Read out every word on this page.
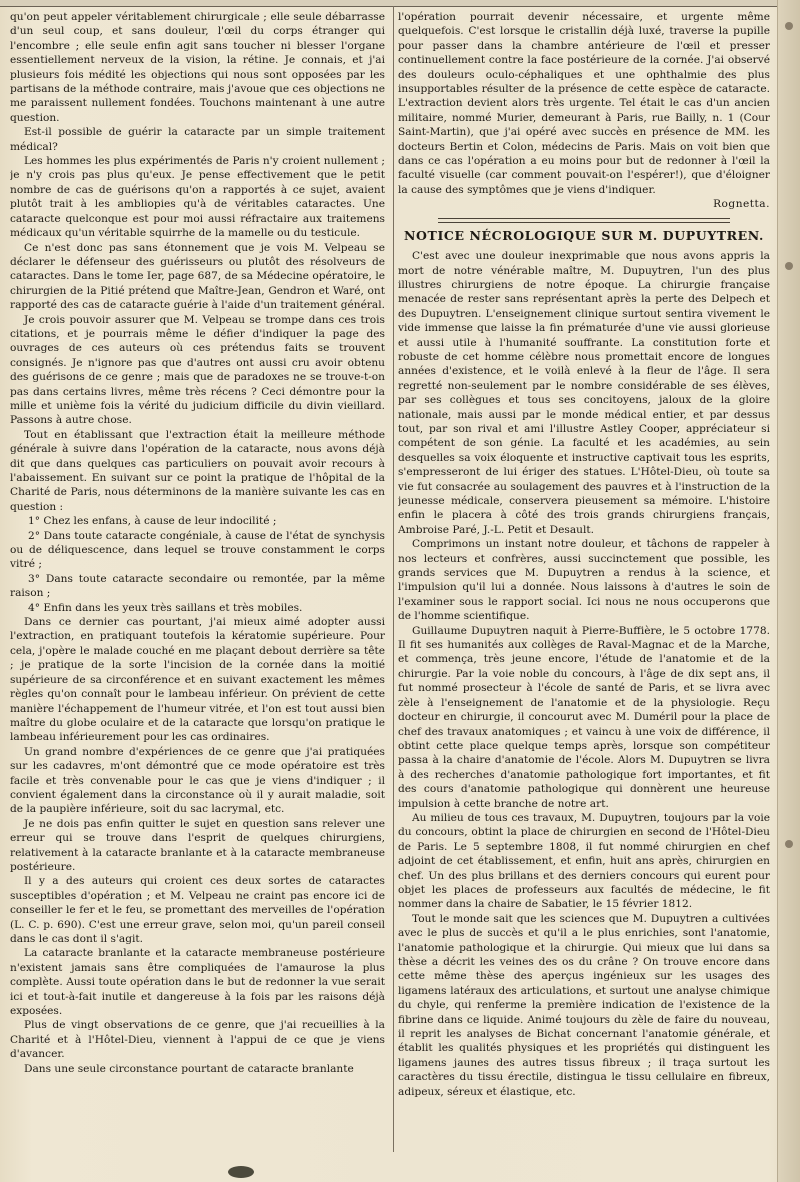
qu'on peut appeler véritablement chirurgicale ; elle seule débarrasse d'un seul coup, et sans douleur, l'œil du corps étranger qui l'encombre ; elle seule enfin agit sans toucher ni blesser l'organe essentiellement nerveux de la vision, la rétine. Je connais, et j'ai plusieurs fois médité les objections qui nous sont opposées par les partisans de la méthode contraire, mais j'avoue que ces objections ne me paraissent nullement fondées. Touchons maintenant à une autre question.

Est-il possible de guérir la cataracte par un simple traitement médical?

Les hommes les plus expérimentés de Paris n'y croient nullement ; je n'y crois pas plus qu'eux. Je pense effectivement que le petit nombre de cas de guérisons qu'on a rapportés à ce sujet, avaient plutôt trait à les ambliopies qu'à de véritables cataractes. Une cataracte quelconque est pour moi aussi réfractaire aux traitemens médicaux qu'un véritable squirrhe de la mamelle ou du testicule.

Ce n'est donc pas sans étonnement que je vois M. Velpeau se déclarer le défenseur des guérisseurs ou plutôt des résolveurs de cataractes. Dans le tome Ier, page 687, de sa Médecine opératoire, le chirurgien de la Pitié prétend que Maître-Jean, Gendron et Waré, ont rapporté des cas de cataracte guérie à l'aide d'un traitement général.

Je crois pouvoir assurer que M. Velpeau se trompe dans ces trois citations, et je pourrais même le défier d'indiquer la page des ouvrages de ces auteurs où ces prétendus faits se trouvent consignés. Je n'ignore pas que d'autres ont aussi cru avoir obtenu des guérisons de ce genre ; mais que de paradoxes ne se trouve-t-on pas dans certains livres, même très récens ? Ceci démontre pour la mille et unième fois la vérité du judicium difficile du divin vieillard. Passons à autre chose.

Tout en établissant que l'extraction était la meilleure méthode générale à suivre dans l'opération de la cataracte, nous avons déjà dit que dans quelques cas particuliers on pouvait avoir recours à l'abaissement. En suivant sur ce point la pratique de l'hôpital de la Charité de Paris, nous déterminons de la manière suivante les cas en question :

1° Chez les enfans, à cause de leur indocilité ;

2° Dans toute cataracte congéniale, à cause de l'état de synchysis ou de déliquescence, dans lequel se trouve constamment le corps vitré ;

3° Dans toute cataracte secondaire ou remontée, par la même raison ;

4° Enfin dans les yeux très saillans et très mobiles.

Dans ce dernier cas pourtant, j'ai mieux aimé adopter aussi l'extraction, en pratiquant toutefois la kératomie supérieure. Pour cela, j'opère le malade couché en me plaçant debout derrière sa tête ; je pratique de la sorte l'incision de la cornée dans la moitié supérieure de sa circonférence et en suivant exactement les mêmes règles qu'on connaît pour le lambeau inférieur. On prévient de cette manière l'échappement de l'humeur vitrée, et l'on est tout aussi bien maître du globe oculaire et de la cataracte que lorsqu'on pratique le lambeau inférieurement pour les cas ordinaires.

Un grand nombre d'expériences de ce genre que j'ai pratiquées sur les cadavres, m'ont démontré que ce mode opératoire est très facile et très convenable pour le cas que je viens d'indiquer ; il convient également dans la circonstance où il y aurait maladie, soit de la paupière inférieure, soit du sac lacrymal, etc.

Je ne dois pas enfin quitter le sujet en question sans relever une erreur qui se trouve dans l'esprit de quelques chirurgiens, relativement à la cataracte branlante et à la cataracte membraneuse postérieure.

Il y a des auteurs qui croient ces deux sortes de cataractes susceptibles d'opération ; et M. Velpeau ne craint pas encore ici de conseiller le fer et le feu, se promettant des merveilles de l'opération (L. C. p. 690). C'est une erreur grave, selon moi, qu'un pareil conseil dans le cas dont il s'agit.

La cataracte branlante et la cataracte membraneuse postérieure n'existent jamais sans être compliquées de l'amaurose la plus complète. Aussi toute opération dans le but de redonner la vue serait ici et tout-à-fait inutile et dangereuse à la fois par les raisons déjà exposées.

Plus de vingt observations de ce genre, que j'ai recueillies à la Charité et à l'Hôtel-Dieu, viennent à l'appui de ce que je viens d'avancer.

Dans une seule circonstance pourtant de cataracte branlante

l'opération pourrait devenir nécessaire, et urgente même quelquefois. C'est lorsque le cristallin déjà luxé, traverse la pupille pour passer dans la chambre antérieure de l'œil et presser continuellement contre la face postérieure de la cornée. J'ai observé des douleurs oculo-céphaliques et une ophthalmie des plus insupportables résulter de la présence de cette espèce de cataracte. L'extraction devient alors très urgente. Tel était le cas d'un ancien militaire, nommé Murier, demeurant à Paris, rue Bailly, n. 1 (Cour Saint-Martin), que j'ai opéré avec succès en présence de MM. les docteurs Bertin et Colon, médecins de Paris. Mais on voit bien que dans ce cas l'opération a eu moins pour but de redonner à l'œil la faculté visuelle (car comment pouvait-on l'espérer!), que d'éloigner la cause des symptômes que je viens d'indiquer.

Rognetta.

NOTICE NÉCROLOGIQUE SUR M. DUPUYTREN.

C'est avec une douleur inexprimable que nous avons appris la mort de notre vénérable maître, M. Dupuytren, l'un des plus illustres chirurgiens de notre époque. La chirurgie française menacée de rester sans représentant après la perte des Delpech et des Dupuytren. L'enseignement clinique surtout sentira vivement le vide immense que laisse la fin prématurée d'une vie aussi glorieuse et aussi utile à l'humanité souffrante. La constitution forte et robuste de cet homme célèbre nous promettait encore de longues années d'existence, et le voilà enlevé à la fleur de l'âge. Il sera regretté non-seulement par le nombre considérable de ses élèves, par ses collègues et tous ses concitoyens, jaloux de la gloire nationale, mais aussi par le monde médical entier, et par dessus tout, par son rival et ami l'illustre Astley Cooper, appréciateur si compétent de son génie. La faculté et les académies, au sein desquelles sa voix éloquente et instructive captivait tous les esprits, s'empresseront de lui ériger des statues. L'Hôtel-Dieu, où toute sa vie fut consacrée au soulagement des pauvres et à l'instruction de la jeunesse médicale, conservera pieusement sa mémoire. L'histoire enfin le placera à côté des trois grands chirurgiens français, Ambroise Paré, J.-L. Petit et Desault.

Comprimons un instant notre douleur, et tâchons de rappeler à nos lecteurs et confrères, aussi succinctement que possible, les grands services que M. Dupuytren a rendus à la science, et l'impulsion qu'il lui a donnée. Nous laissons à d'autres le soin de l'examiner sous le rapport social. Ici nous ne nous occuperons que de l'homme scientifique.

Guillaume Dupuytren naquit à Pierre-Buffière, le 5 octobre 1778. Il fit ses humanités aux collèges de Raval-Magnac et de la Marche, et commença, très jeune encore, l'étude de l'anatomie et de la chirurgie. Par la voie noble du concours, à l'âge de dix sept ans, il fut nommé prosecteur à l'école de santé de Paris, et se livra avec zèle à l'enseignement de l'anatomie et de la physiologie. Reçu docteur en chirurgie, il concourut avec M. Duméril pour la place de chef des travaux anatomiques ; et vaincu à une voix de différence, il obtint cette place quelque temps après, lorsque son compétiteur passa à la chaire d'anatomie de l'école. Alors M. Dupuytren se livra à des recherches d'anatomie pathologique fort importantes, et fit des cours d'anatomie pathologique qui donnèrent une heureuse impulsion à cette branche de notre art.

Au milieu de tous ces travaux, M. Dupuytren, toujours par la voie du concours, obtint la place de chirurgien en second de l'Hôtel-Dieu de Paris. Le 5 septembre 1808, il fut nommé chirurgien en chef adjoint de cet établissement, et enfin, huit ans après, chirurgien en chef. Un des plus brillans et des derniers concours qui eurent pour objet les places de professeurs aux facultés de médecine, le fit nommer dans la chaire de Sabatier, le 15 février 1812.

Tout le monde sait que les sciences que M. Dupuytren a cultivées avec le plus de succès et qu'il a le plus enrichies, sont l'anatomie, l'anatomie pathologique et la chirurgie. Qui mieux que lui dans sa thèse a décrit les veines des os du crâne ? On trouve encore dans cette même thèse des aperçus ingénieux sur les usages des ligamens latéraux des articulations, et surtout une analyse chimique du chyle, qui renferme la première indication de l'existence de la fibrine dans ce liquide. Animé toujours du zèle de faire du nouveau, il reprit les analyses de Bichat concernant l'anatomie générale, et établit les qualités physiques et les propriétés qui distinguent les ligamens jaunes des autres tissus fibreux ; il traça surtout les caractères du tissu érectile, distingua le tissu cellulaire en fibreux, adipeux, séreux et élastique, etc.
